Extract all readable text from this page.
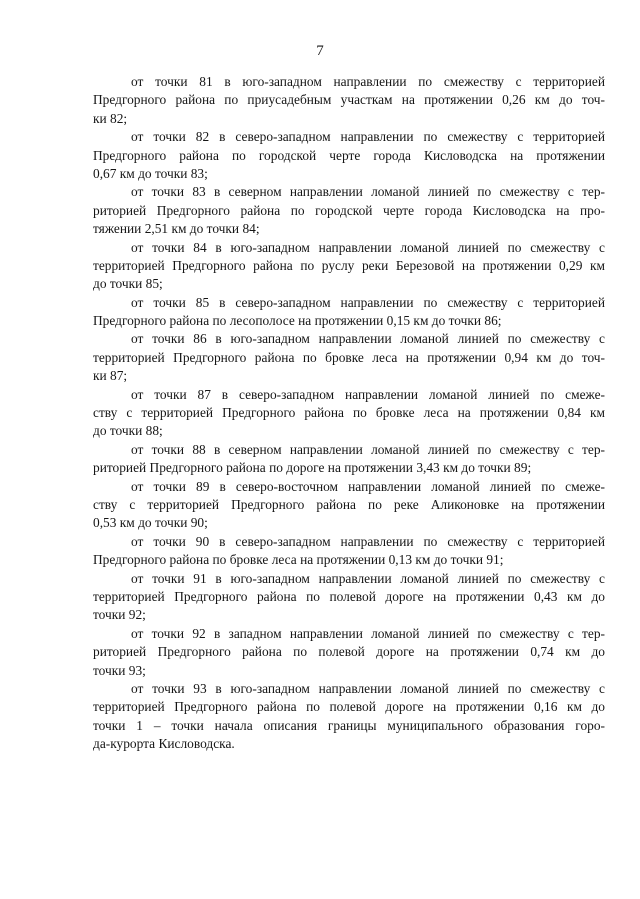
7
от точки 81 в юго-западном направлении по смежеству с территорией
Предгорного района по приусадебным участкам на протяжении 0,26 км до точ-
ки 82;
от точки 82 в северо-западном направлении по смежеству с территорией
Предгорного района по городской черте города Кисловодска на протяжении
0,67 км до точки 83;
от точки 83 в северном направлении ломаной линией по смежеству с тер-
риторией Предгорного района по городской черте города Кисловодска на про-
тяжении 2,51 км до точки 84;
от точки 84 в юго-западном направлении ломаной линией по смежеству с
территорией Предгорного района по руслу реки Березовой на протяжении 0,29 км
до точки 85;
от точки 85 в северо-западном направлении по смежеству с территорией
Предгорного района по лесополосе на протяжении 0,15 км до точки 86;
от точки 86 в юго-западном направлении ломаной линией по смежеству с
территорией Предгорного района по бровке леса на протяжении 0,94 км до точ-
ки 87;
от точки 87 в северо-западном направлении ломаной линией по смеже-
ству с территорией Предгорного района по бровке леса на протяжении 0,84 км
до точки 88;
от точки 88 в северном направлении ломаной линией по смежеству с тер-
риторией Предгорного района по дороге на протяжении 3,43 км до точки 89;
от точки 89 в северо-восточном направлении ломаной линией по смеже-
ству с территорией Предгорного района по реке Аликоновке на протяжении
0,53 км до точки 90;
от точки 90 в северо-западном направлении по смежеству с территорией
Предгорного района по бровке леса на протяжении 0,13 км до точки 91;
от точки 91 в юго-западном направлении ломаной линией по смежеству с
территорией Предгорного района по полевой дороге на протяжении 0,43 км до
точки 92;
от точки 92 в западном направлении ломаной линией по смежеству с тер-
риторией Предгорного района по полевой дороге на протяжении 0,74 км до
точки 93;
от точки 93 в юго-западном направлении ломаной линией по смежеству с
территорией Предгорного района по полевой дороге на протяжении 0,16 км до
точки 1 – точки начала описания границы муниципального образования горо-
да-курорта Кисловодска.
